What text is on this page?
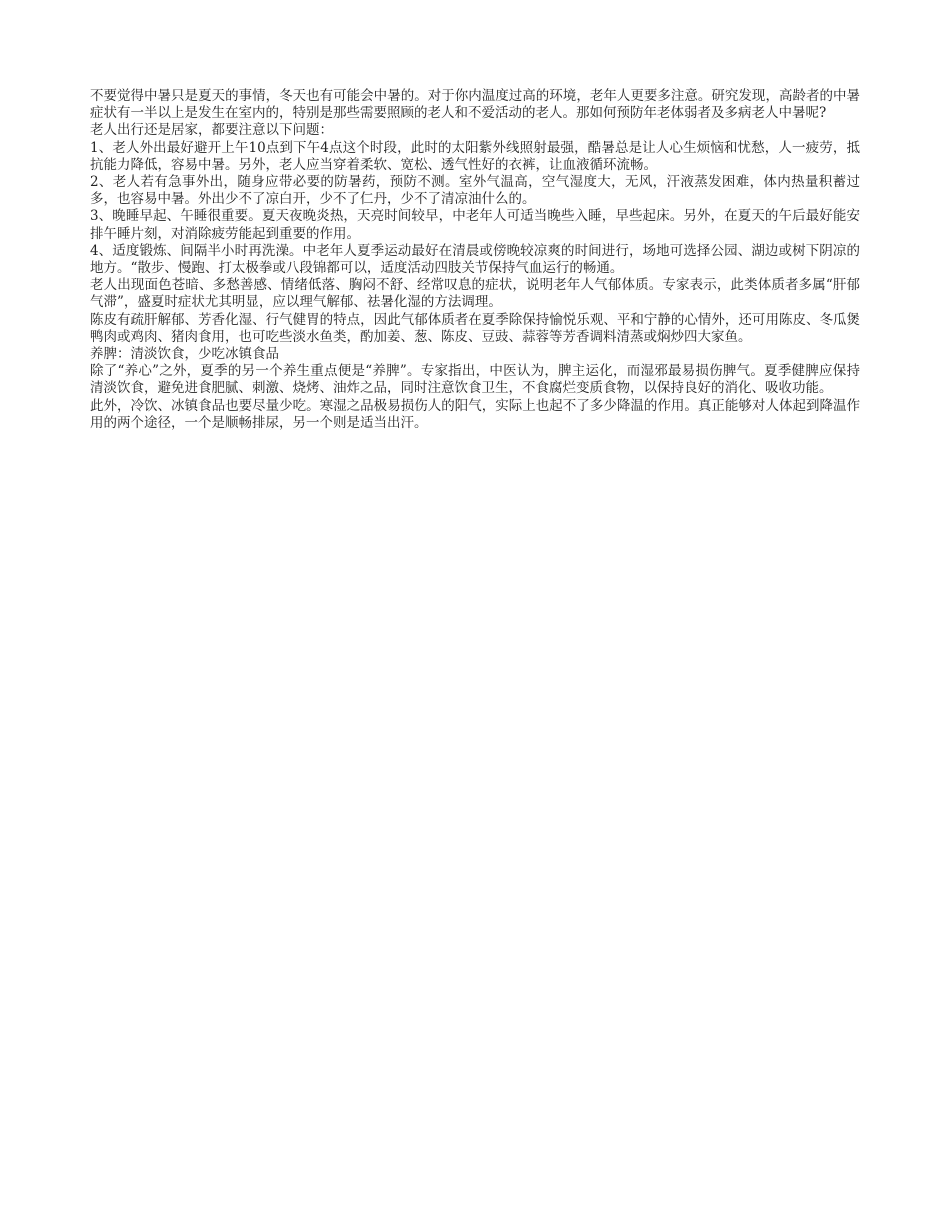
不要觉得中暑只是夏天的事情，冬天也有可能会中暑的。对于你内温度过高的环境，老年人更要多注意。研究发现，高龄者的中暑症状有一半以上是发生在室内的，特别是那些需要照顾的老人和不爱活动的老人。那如何预防年老体弱者及多病老人中暑呢?

老人出行还是居家，都要注意以下问题：

1、老人外出最好避开上午10点到下午4点这个时段，此时的太阳紫外线照射最强，酷暑总是让人心生烦恼和忧愁，人一疲劳，抵抗能力降低，容易中暑。另外，老人应当穿着柔软、宽松、透气性好的衣裤，让血液循环流畅。

2、老人若有急事外出，随身应带必要的防暑药，预防不测。室外气温高，空气湿度大，无风，汗液蒸发困难，体内热量积蓄过多，也容易中暑。外出少不了凉白开，少不了仁丹，少不了清凉油什么的。

3、晚睡早起、午睡很重要。夏天夜晚炎热，天亮时间较早，中老年人可适当晚些入睡，早些起床。另外，在夏天的午后最好能安排午睡片刻，对消除疲劳能起到重要的作用。

4、适度锻炼、间隔半小时再洗澡。中老年人夏季运动最好在清晨或傍晚较凉爽的时间进行，场地可选择公园、湖边或树下阴凉的地方。“散步、慢跑、打太极拳或八段锦都可以，适度活动四肢关节保持气血运行的畅通。

老人出现面色苍暗、多愁善感、情绪低落、胸闷不舒、经常叹息的症状，说明老年人气郁体质。专家表示，此类体质者多属“肝郁气滞”，盛夏时症状尤其明显，应以理气解郁、祛暑化湿的方法调理。

陈皮有疏肝解郁、芳香化湿、行气健胃的特点，因此气郁体质者在夏季除保持愉悦乐观、平和宁静的心情外，还可用陈皮、冬瓜煲鸭肉或鸡肉、猪肉食用，也可吃些淡水鱼类，酌加姜、葱、陈皮、豆豉、蒜蓉等芳香调料清蒸或焖炒四大家鱼。

养脾：清淡饮食，少吃冰镇食品

除了“养心”之外，夏季的另一个养生重点便是“养脾”。专家指出，中医认为，脾主运化，而湿邪最易损伤脾气。夏季健脾应保持清淡饮食，避免进食肥腻、刺激、烧烤、油炸之品，同时注意饮食卫生，不食腐烂变质食物，以保持良好的消化、吸收功能。

此外，冷饮、冰镇食品也要尽量少吃。寒湿之品极易损伤人的阳气，实际上也起不了多少降温的作用。真正能够对人体起到降温作用的两个途径，一个是顺畅排尿，另一个则是适当出汗。
